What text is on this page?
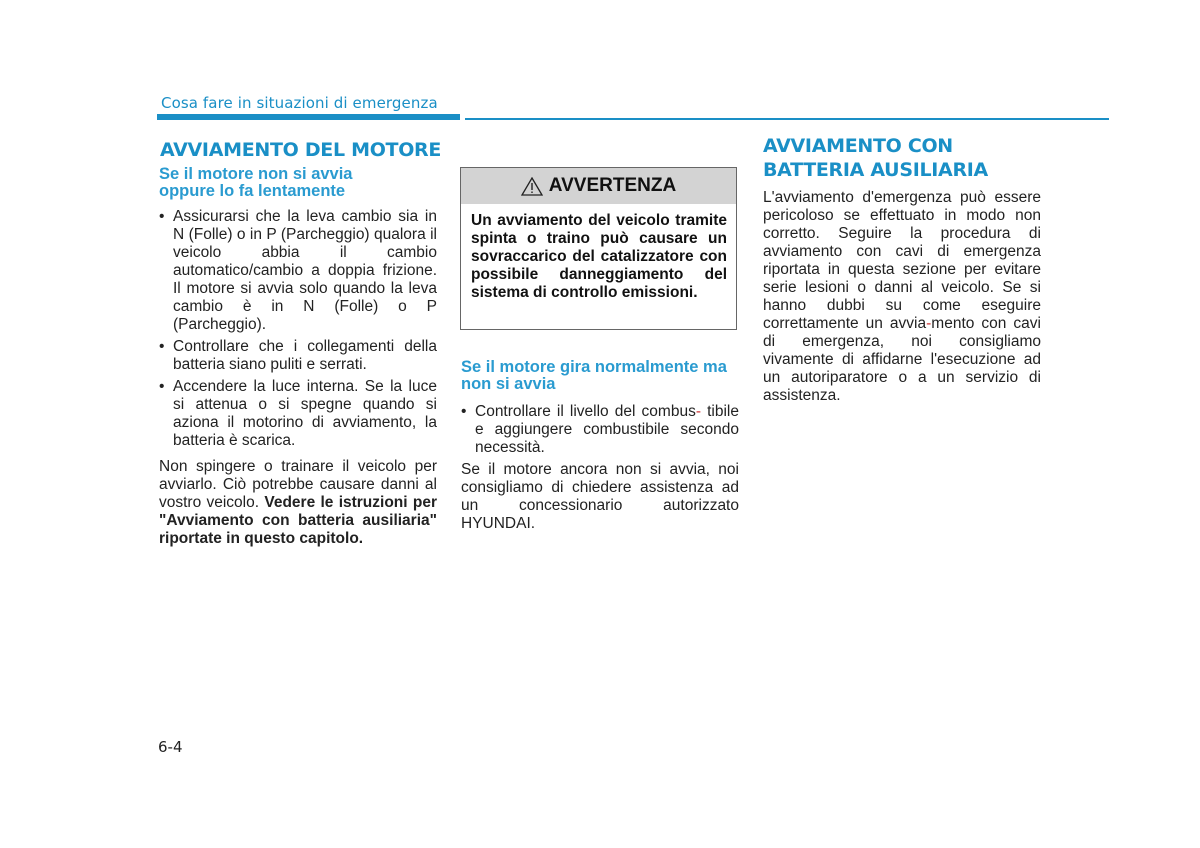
Cosa fare in situazioni di emergenza
AVVIAMENTO DEL MOTORE
Se il motore non si avvia oppure lo fa lentamente
• Assicurarsi che la leva cambio sia in N (Folle) o in P (Parcheggio) qualora il veicolo abbia il cambio automatico/cambio a doppia frizione. Il motore si avvia solo quando la leva cambio è in N (Folle) o P (Parcheggio).
• Controllare che i collegamenti della batteria siano puliti e serrati.
• Accendere la luce interna. Se la luce si attenua o si spegne quando si aziona il motorino di avviamento, la batteria è scarica.
Non spingere o trainare il veicolo per avviarlo. Ciò potrebbe causare danni al vostro veicolo. Vedere le istruzioni per "Avviamento con batteria ausiliaria" riportate in questo capitolo.
AVVERTENZA
Un avviamento del veicolo tramite spinta o traino può causare un sovraccarico del catalizzatore con possibile danneggiamento del sistema di controllo emissioni.
Se il motore gira normalmente ma non si avvia
• Controllare il livello del combus- tibile e aggiungere combustibile secondo necessità.
Se il motore ancora non si avvia, noi consigliamo di chiedere assistenza ad un concessionario autorizzato HYUNDAI.
AVVIAMENTO CON
BATTERIA AUSILIARIA
L'avviamento d'emergenza può essere pericoloso se effettuato in modo non corretto. Seguire la procedura di avviamento con cavi di emergenza riportata in questa sezione per evitare serie lesioni o danni al veicolo. Se si hanno dubbi su come eseguire correttamente un avvia-mento con cavi di emergenza, noi consigliamo vivamente di affidarne l'esecuzione ad un autoriparatore o a un servizio di assistenza.
6-4
